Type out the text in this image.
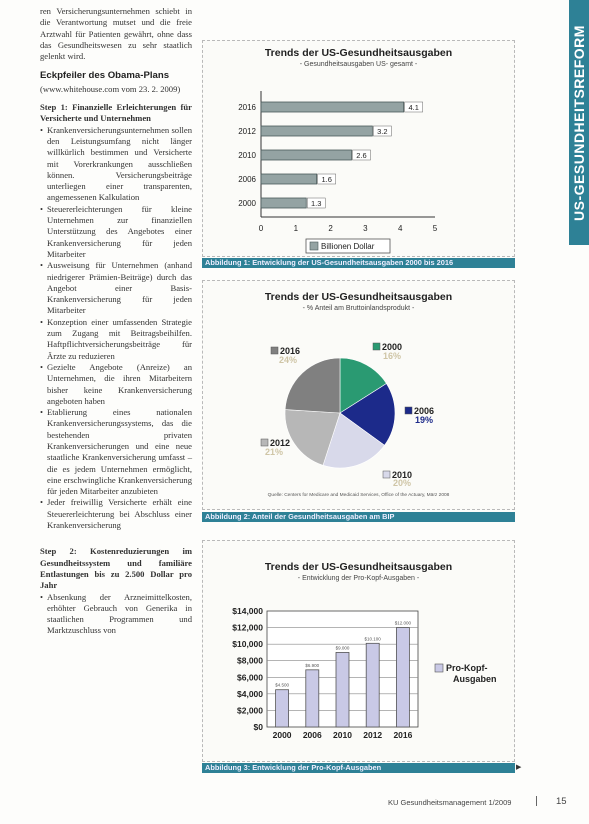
ren Versicherungsunternehmen schiebt in die Verantwortung mutset und die freie Arztwahl für Patienten gewährt, ohne dass das Gesundheitswesen zu sehr staatlich gelenkt wird.

Eckpfeiler des Obama-Plans

(www.whitehouse.com vom 23. 2. 2009)

Step 1: Finanzielle Erleichterungen für Versicherte und Unternehmen

• Krankenversicherungsunternehmen sollen den Leistungsumfang nicht länger willkürlich bestimmen und Versicherte mit Vorerkrankungen ausschließen können. Versicherungsbeiträge unterliegen einer transparenten, angemessenen Kalkulation
• Steuererleichterungen für kleine Unternehmen zur finanziellen Unterstützung des Angebotes einer Krankenversicherung für jeden Mitarbeiter
• Ausweisung für Unternehmen (anhand niedrigerer Prämien-Beiträge) durch das Angebot einer Basis-Krankenversicherung für jeden Mitarbeiter
• Konzeption einer umfassenden Strategie zum Zugang mit Beitragsbeihilfen. Haftpflichtversicherungsbeiträge für Ärzte zu reduzieren
• Gezielte Angebote (Anreize) an Unternehmen, die ihren Mitarbeitern bisher keine Krankenversicherung angeboten haben
• Etablierung eines nationalen Krankenversicherungssystems, das die bestehenden privaten Krankenversicherungen und eine neue staatliche Krankenversicherung umfasst – die es jedem Unternehmen ermöglicht, eine erschwingliche Krankenversicherung für jeden Mitarbeiter anzubieten
• Jeder freiwillig Versicherte erhält eine Steuererleichterung bei Abschluss einer Krankenversicherung

Step 2: Kostenreduzierungen im Gesundheitssystem und familiäre Entlastungen bis zu 2.500 Dollar pro Jahr

• Absenkung der Arzneimittelkosten, erhöhter Gebrauch von Generika in staatlichen Programmen und Marktzuschluss von
US-GESUNDHEITSREFORM
Trends der US-Gesundheitsausgaben
- Gesundheitsausgaben US- gesamt -
2016	4.1
2012	3.2
2010	2.6
2006	1.6
2000	1.3
0	1	2	3	4	5
Billionen Dollar
Abbildung 1: Entwicklung der US-Gesundheitsausgaben 2000 bis 2016
Trends der US-Gesundheitsausgaben
- % Anteil am Bruttoinlandsprodukt -
2000
16%
2006
19%
2010
20%
2012
21%
2016
24%
Quelle: Centers for Medicare and Medicaid Services, Office of the Actuary, März 2008
Abbildung 2: Anteil der Gesundheitsausgaben am BIP
Trends der US-Gesundheitsausgaben
- Entwicklung der Pro-Kopf-Ausgaben -
$0
$2,000
$4,000
$6,000
$8,000
$10,000
$12,000
$14,000
$4.500
2000
$6.900
2006
$9.000
2010
$10.100
2012
$12.000
2016
Pro-Kopf-
Ausgaben
Abbildung 3: Entwicklung der Pro-Kopf-Ausgaben	▶
KU Gesundheitsmanagement 1/2009	15
